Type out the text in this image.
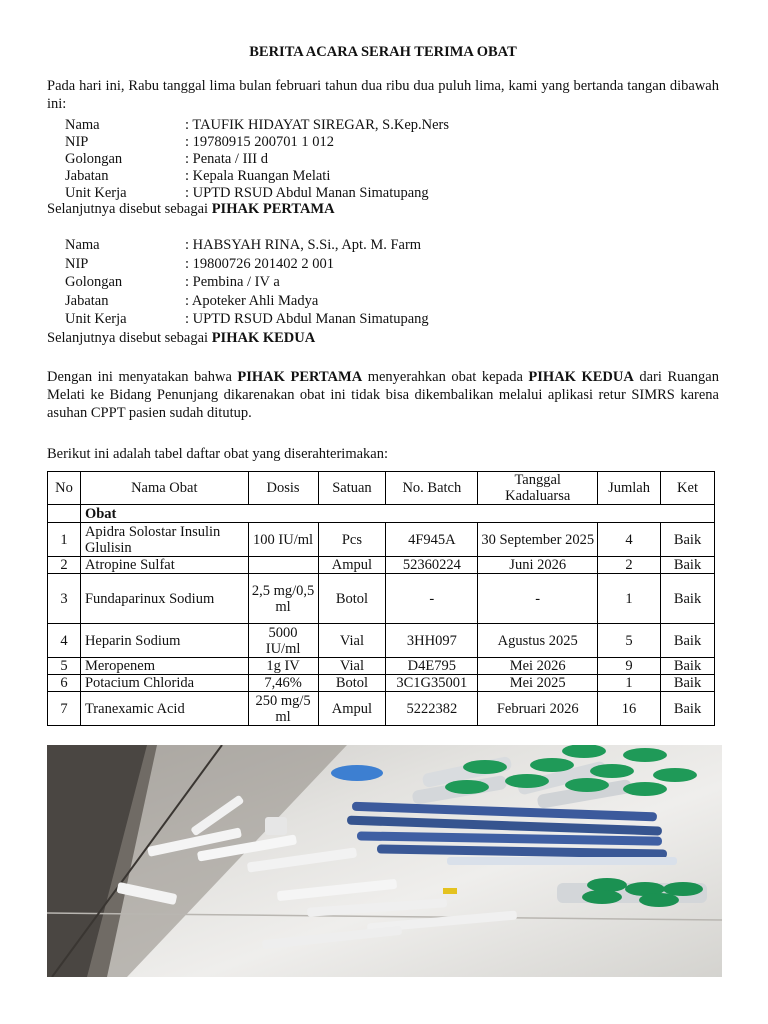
BERITA ACARA SERAH TERIMA OBAT
Pada hari ini, Rabu tanggal lima bulan februari tahun dua ribu dua puluh lima, kami yang bertanda tangan dibawah ini:
Nama	: TAUFIK HIDAYAT SIREGAR, S.Kep.Ners
NIP	: 19780915 200701 1 012
Golongan	: Penata / III d
Jabatan	: Kepala Ruangan Melati
Unit Kerja	: UPTD RSUD Abdul Manan Simatupang
Selanjutnya disebut sebagai PIHAK PERTAMA
Nama	: HABSYAH RINA, S.Si., Apt. M. Farm
NIP	: 19800726 201402 2 001
Golongan	: Pembina / IV a
Jabatan	: Apoteker Ahli Madya
Unit Kerja	: UPTD RSUD Abdul Manan Simatupang
Selanjutnya disebut sebagai PIHAK KEDUA
Dengan ini menyatakan bahwa PIHAK PERTAMA menyerahkan obat kepada PIHAK KEDUA dari Ruangan Melati ke Bidang Penunjang dikarenakan obat ini tidak bisa dikembalikan melalui aplikasi retur SIMRS karena asuhan CPPT pasien sudah ditutup.
Berikut ini adalah tabel daftar obat yang diserahterimakan:
No	Nama Obat	Dosis	Satuan	No. Batch	Tanggal Kadaluarsa	Jumlah	Ket
	Obat						
1	Apidra Solostar Insulin Glulisin	100 IU/ml	Pcs	4F945A	30 September 2025	4	Baik
2	Atropine Sulfat		Ampul	52360224	Juni 2026	2	Baik
3	Fundaparinux Sodium	2,5 mg/0,5 ml	Botol	-	-	1	Baik
4	Heparin Sodium	5000 IU/ml	Vial	3HH097	Agustus 2025	5	Baik
5	Meropenem	1g IV	Vial	D4E795	Mei 2026	9	Baik
6	Potacium Chlorida	7,46%	Botol	3C1G35001	Mei 2025	1	Baik
7	Tranexamic Acid	250 mg/5 ml	Ampul	5222382	Februari 2026	16	Baik
